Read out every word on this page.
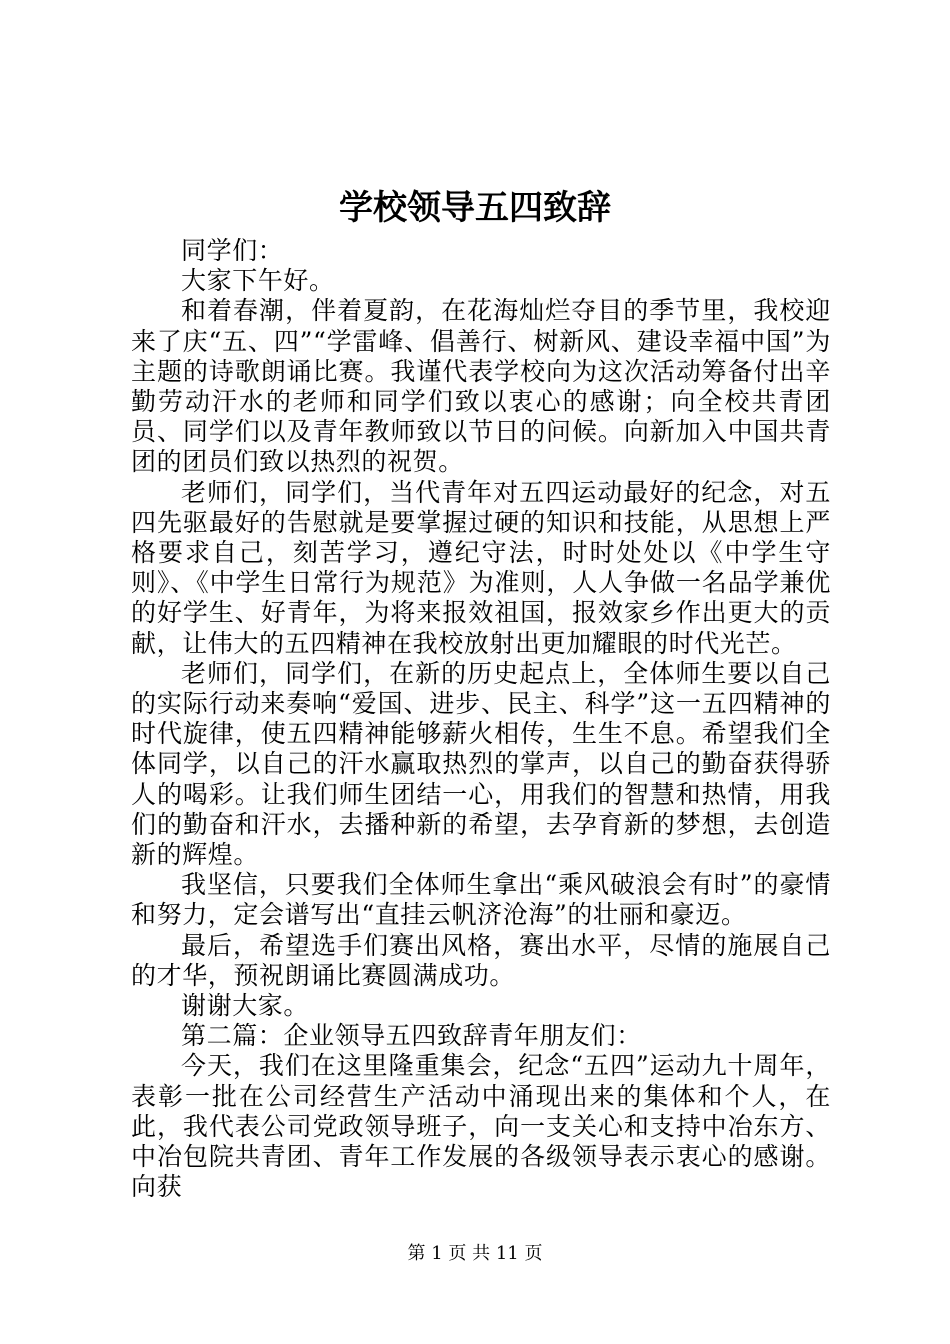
学校领导五四致辞

同学们：

大家下午好。

和着春潮，伴着夏韵，在花海灿烂夺目的季节里，我校迎来了庆“五、四”“学雷峰、倡善行、树新风、建设幸福中国”为主题的诗歌朗诵比赛。我谨代表学校向为这次活动筹备付出辛勤劳动汗水的老师和同学们致以衷心的感谢；向全校共青团员、同学们以及青年教师致以节日的问候。向新加入中国共青团的团员们致以热烈的祝贺。

老师们，同学们，当代青年对五四运动最好的纪念，对五四先驱最好的告慰就是要掌握过硬的知识和技能，从思想上严格要求自己，刻苦学习，遵纪守法，时时处处以《中学生守则》、《中学生日常行为规范》为准则，人人争做一名品学兼优的好学生、好青年，为将来报效祖国，报效家乡作出更大的贡献，让伟大的五四精神在我校放射出更加耀眼的时代光芒。

老师们，同学们，在新的历史起点上，全体师生要以自己的实际行动来奏响“爱国、进步、民主、科学”这一五四精神的时代旋律，使五四精神能够薪火相传，生生不息。希望我们全体同学，以自己的汗水赢取热烈的掌声，以自己的勤奋获得骄人的喝彩。让我们师生团结一心，用我们的智慧和热情，用我们的勤奋和汗水，去播种新的希望，去孕育新的梦想，去创造新的辉煌。

我坚信，只要我们全体师生拿出“乘风破浪会有时”的豪情和努力，定会谱写出“直挂云帆济沧海”的壮丽和豪迈。

最后，希望选手们赛出风格，赛出水平，尽情的施展自己的才华，预祝朗诵比赛圆满成功。

谢谢大家。

第二篇：企业领导五四致辞青年朋友们：

今天，我们在这里隆重集会，纪念“五四”运动九十周年，表彰一批在公司经营生产活动中涌现出来的集体和个人，在此，我代表公司党政领导班子，向一支关心和支持中冶东方、中冶包院共青团、青年工作发展的各级领导表示衷心的感谢。向获

第 1 页 共 11 页
